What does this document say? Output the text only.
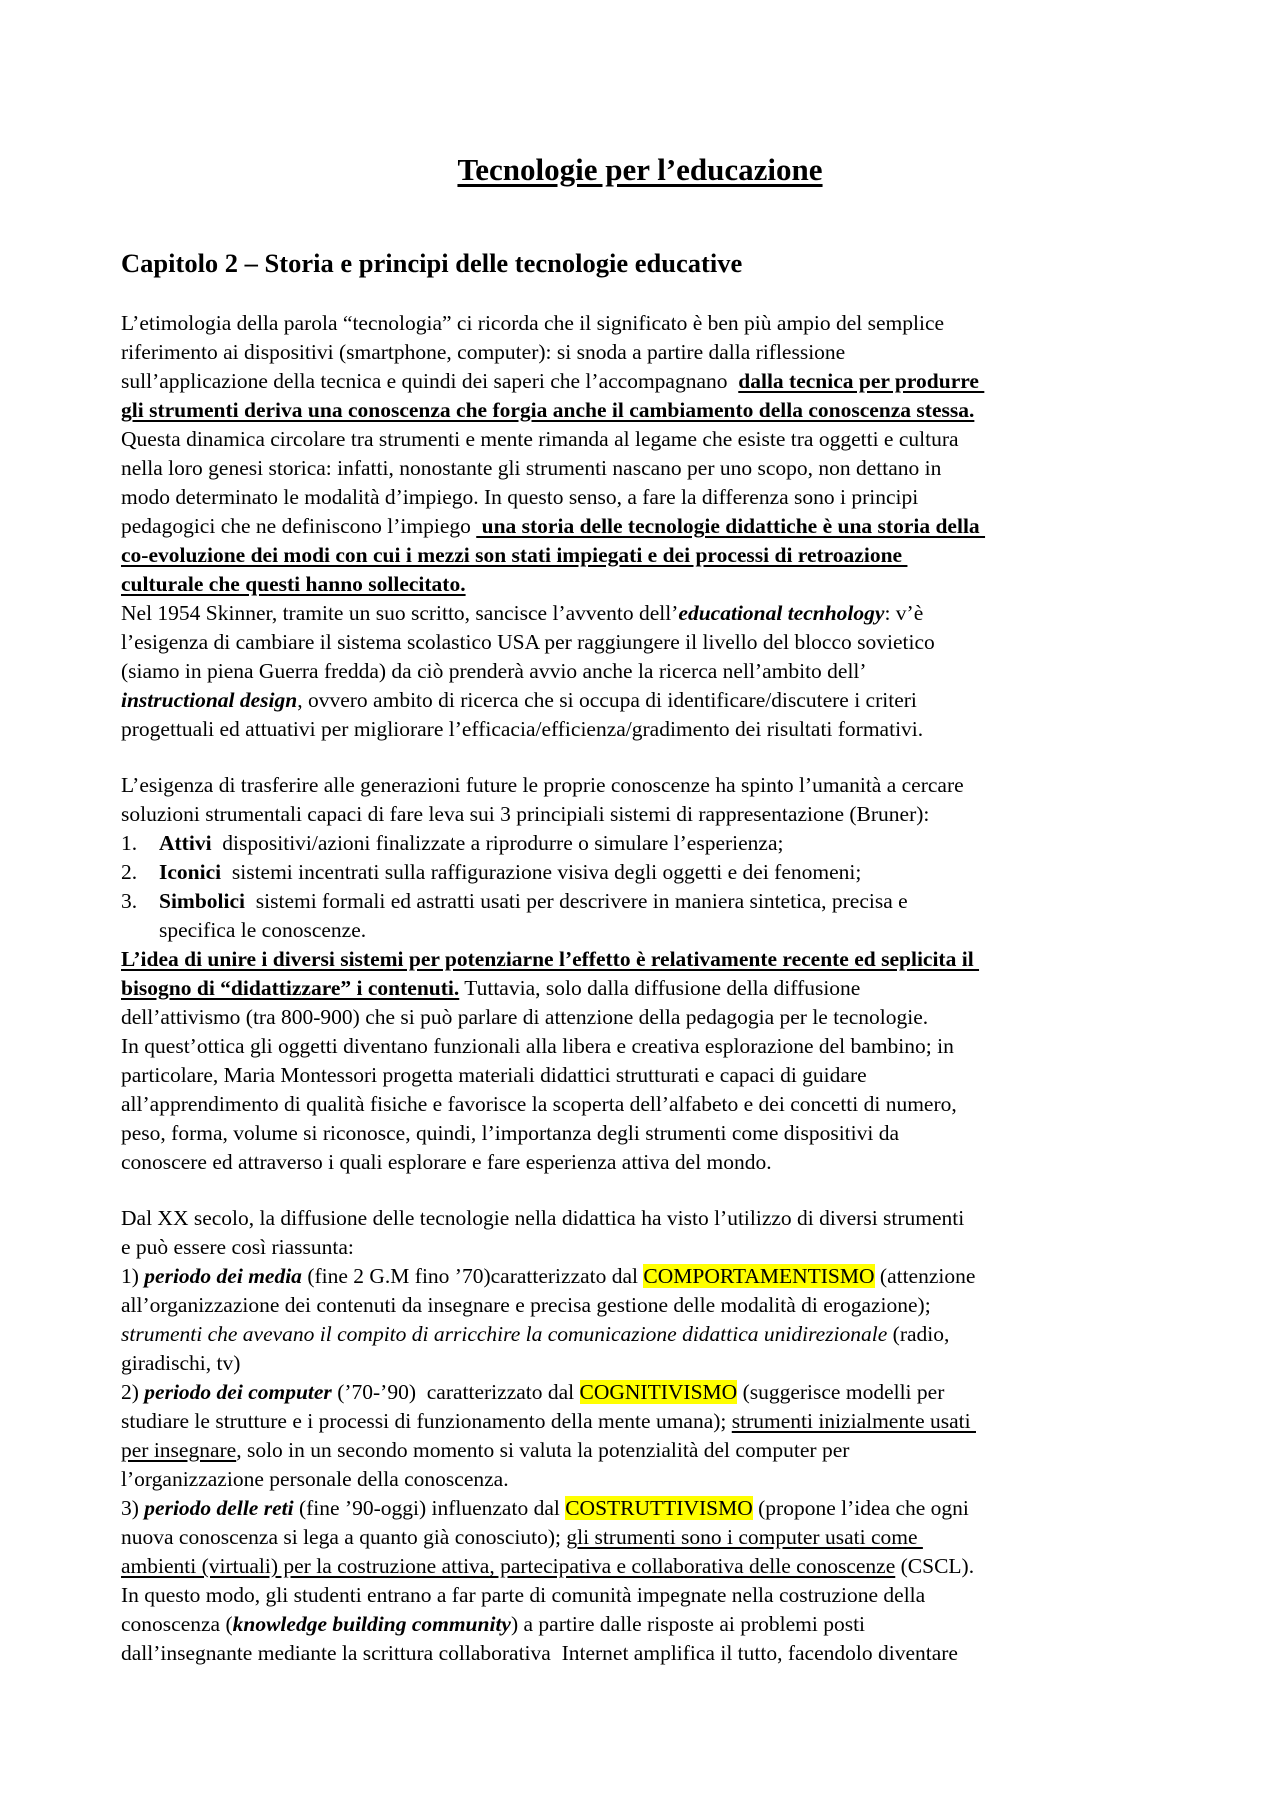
Tecnologie per l’educazione
Capitolo 2 – Storia e principi delle tecnologie educative
L’etimologia della parola “tecnologia” ci ricorda che il significato è ben più ampio del semplice
riferimento ai dispositivi (smartphone, computer): si snoda a partire dalla riflessione
sull’applicazione della tecnica e quindi dei saperi che l’accompagnano  dalla tecnica per produrre
gli strumenti deriva una conoscenza che forgia anche il cambiamento della conoscenza stessa.
Questa dinamica circolare tra strumenti e mente rimanda al legame che esiste tra oggetti e cultura
nella loro genesi storica: infatti, nonostante gli strumenti nascano per uno scopo, non dettano in
modo determinato le modalità d’impiego. In questo senso, a fare la differenza sono i principi
pedagogici che ne definiscono l’impiego  una storia delle tecnologie didattiche è una storia della
co-evoluzione dei modi con cui i mezzi son stati impiegati e dei processi di retroazione
culturale che questi hanno sollecitato.
Nel 1954 Skinner, tramite un suo scritto, sancisce l’avvento dell’educational tecnhology: v’è
l’esigenza di cambiare il sistema scolastico USA per raggiungere il livello del blocco sovietico
(siamo in piena Guerra fredda) da ciò prenderà avvio anche la ricerca nell’ambito dell’
instructional design, ovvero ambito di ricerca che si occupa di identificare/discutere i criteri
progettuali ed attuativi per migliorare l’efficacia/efficienza/gradimento dei risultati formativi.
L’esigenza di trasferire alle generazioni future le proprie conoscenze ha spinto l’umanità a cercare
soluzioni strumentali capaci di fare leva sui 3 principiali sistemi di rappresentazione (Bruner):
1. Attivi  dispositivi/azioni finalizzate a riprodurre o simulare l’esperienza;
2. Iconici  sistemi incentrati sulla raffigurazione visiva degli oggetti e dei fenomeni;
3. Simbolici  sistemi formali ed astratti usati per descrivere in maniera sintetica, precisa e
specifica le conoscenze.
L’idea di unire i diversi sistemi per potenziarne l’effetto è relativamente recente ed seplicita il
bisogno di “didattizzare” i contenuti. Tuttavia, solo dalla diffusione della diffusione
dell’attivismo (tra 800-900) che si può parlare di attenzione della pedagogia per le tecnologie.
In quest’ottica gli oggetti diventano funzionali alla libera e creativa esplorazione del bambino; in
particolare, Maria Montessori progetta materiali didattici strutturati e capaci di guidare
all’apprendimento di qualità fisiche e favorisce la scoperta dell’alfabeto e dei concetti di numero,
peso, forma, volume si riconosce, quindi, l’importanza degli strumenti come dispositivi da
conoscere ed attraverso i quali esplorare e fare esperienza attiva del mondo.
Dal XX secolo, la diffusione delle tecnologie nella didattica ha visto l’utilizzo di diversi strumenti
e può essere così riassunta:
1) periodo dei media (fine 2 G.M fino ’70)caratterizzato dal COMPORTAMENTISMO (attenzione
all’organizzazione dei contenuti da insegnare e precisa gestione delle modalità di erogazione);
strumenti che avevano il compito di arricchire la comunicazione didattica unidirezionale (radio,
giradischi, tv)
2) periodo dei computer (’70-’90)  caratterizzato dal COGNITIVISMO (suggerisce modelli per
studiare le strutture e i processi di funzionamento della mente umana); strumenti inizialmente usati
per insegnare, solo in un secondo momento si valuta la potenzialità del computer per
l’organizzazione personale della conoscenza.
3) periodo delle reti (fine ’90-oggi) influenzato dal COSTRUTTIVISMO (propone l’idea che ogni
nuova conoscenza si lega a quanto già conosciuto); gli strumenti sono i computer usati come
ambienti (virtuali) per la costruzione attiva, partecipativa e collaborativa delle conoscenze (CSCL).
In questo modo, gli studenti entrano a far parte di comunità impegnate nella costruzione della
conoscenza (knowledge building community) a partire dalle risposte ai problemi posti
dall’insegnante mediante la scrittura collaborativa  Internet amplifica il tutto, facendolo diventare
